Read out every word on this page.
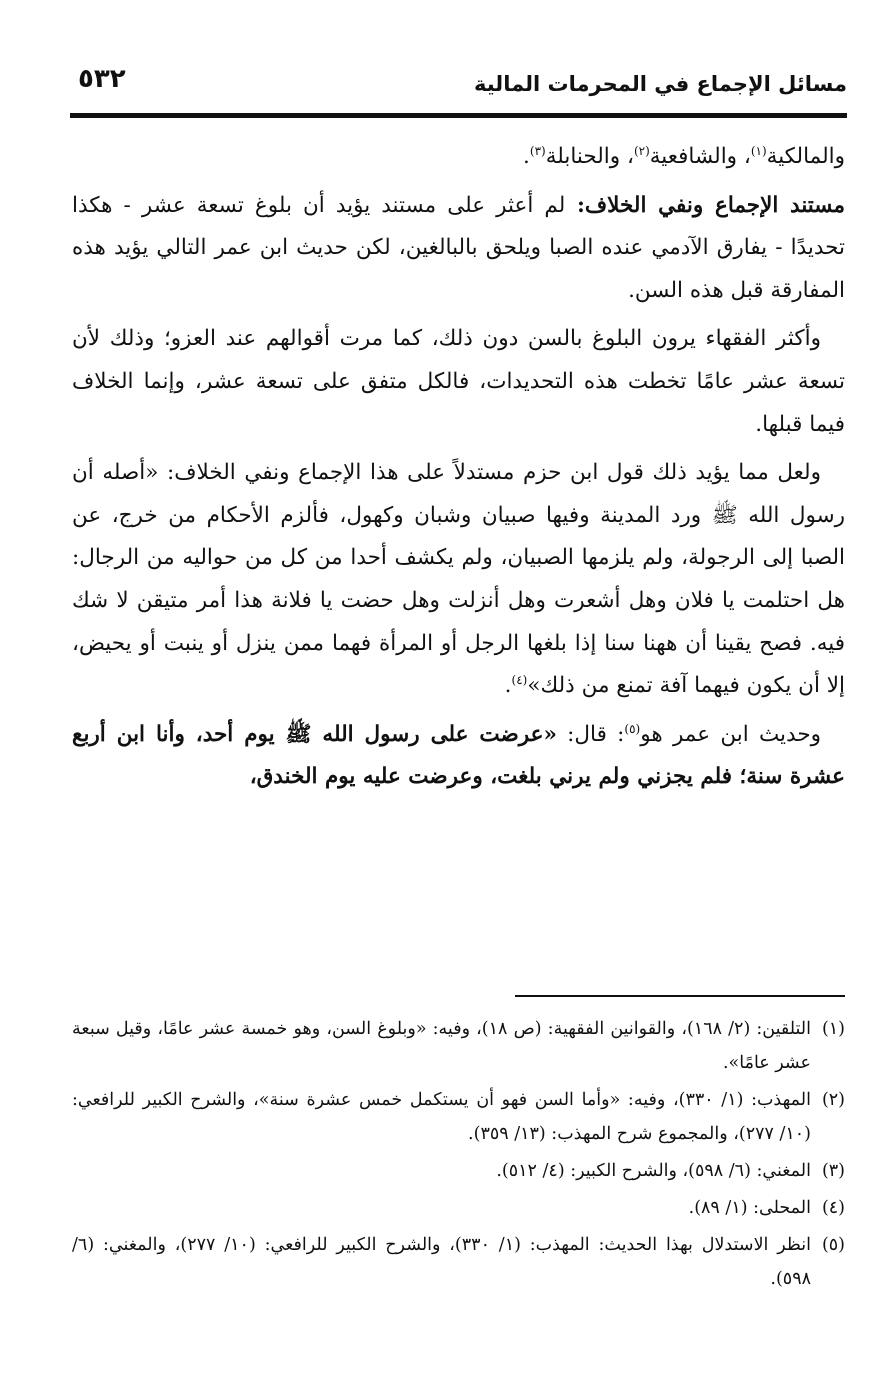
مسائل الإجماع في المحرمات المالية
٥٣٢

والمالكية$^{(١)}$، والشافعية$^{(٢)}$، والحنابلة$^{(٣)}$.

مستند الإجماع ونفي الخلاف: لم أعثر على مستند يؤيد أن بلوغ تسعة عشر - هكذا تحديدًا - يفارق الآدمي عنده الصبا ويلحق بالبالغين، لكن حديث ابن عمر التالي يؤيد هذه المفارقة قبل هذه السن.

وأكثر الفقهاء يرون البلوغ بالسن دون ذلك، كما مرت أقوالهم عند العزو؛ وذلك لأن تسعة عشر عامًا تخطت هذه التحديدات، فالكل متفق على تسعة عشر، وإنما الخلاف فيما قبلها.

ولعل مما يؤيد ذلك قول ابن حزم مستدلاً على هذا الإجماع ونفي الخلاف: «أصله أن رسول الله ﷺ ورد المدينة وفيها صبيان وشبان وكهول، فألزم الأحكام من خرج، عن الصبا إلى الرجولة، ولم يلزمها الصبيان، ولم يكشف أحدا من كل من حواليه من الرجال: هل احتلمت يا فلان وهل أشعرت وهل أنزلت وهل حضت يا فلانة هذا أمر متيقن لا شك فيه. فصح يقينا أن ههنا سنا إذا بلغها الرجل أو المرأة فهما ممن ينزل أو ينبت أو يحيض، إلا أن يكون فيهما آفة تمنع من ذلك»$^{(٤)}$.

وحديث ابن عمر هو$^{(٥)}$: قال: «عرضت على رسول الله ﷺ يوم أحد، وأنا ابن أربع عشرة سنة؛ فلم يجزني ولم يرني بلغت، وعرضت عليه يوم الخندق،

(١)
التلقين: (٢/ ١٦٨)، والقوانين الفقهية: (ص ١٨)، وفيه: «وبلوغ السن، وهو خمسة عشر عامًا، وقيل سبعة عشر عامًا».
(٢)
المهذب: (١/ ٣٣٠)، وفيه: «وأما السن فهو أن يستكمل خمس عشرة سنة»، والشرح الكبير للرافعي: (١٠/ ٢٧٧)، والمجموع شرح المهذب: (١٣/ ٣٥٩).
(٣)
المغني: (٦/ ٥٩٨)، والشرح الكبير: (٤/ ٥١٢).
(٤)
المحلى: (١/ ٨٩).
(٥)
انظر الاستدلال بهذا الحديث: المهذب: (١/ ٣٣٠)، والشرح الكبير للرافعي: (١٠/ ٢٧٧)، والمغني: (٦/ ٥٩٨).
